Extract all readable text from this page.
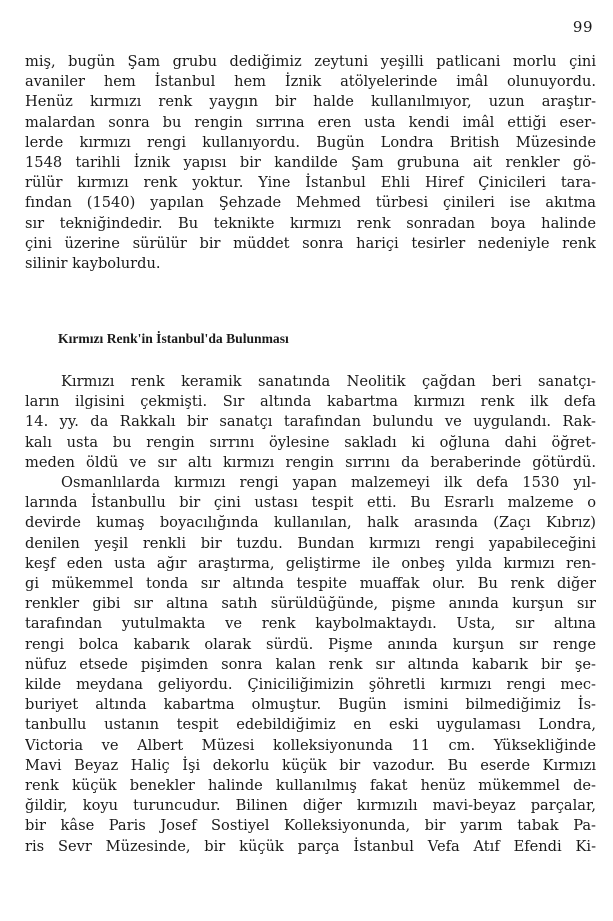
99
miş, bugün Şam grubu dediğimiz zeytuni yeşilli patlicani morlu çini
avaniler hem İstanbul hem İznik atölyelerinde imâl olunuyordu.
Henüz kırmızı renk yaygın bir halde kullanılmıyor, uzun araştır-
malardan sonra bu rengin sırrına eren usta kendi imâl ettiği eser-
lerde kırmızı rengi kullanıyordu. Bugün Londra British Müzesinde
1548 tarihli İznik yapısı bir kandilde Şam grubuna ait renkler gö-
rülür kırmızı renk yoktur. Yine İstanbul Ehli Hiref Çinicileri tara-
fından (1540) yapılan Şehzade Mehmed türbesi çinileri ise akıtma
sır tekniğindedir. Bu teknikte kırmızı renk sonradan boya halinde
çini üzerine sürülür bir müddet sonra hariçi tesirler nedeniyle renk
silinir kaybolurdu.
Kırmızı Renk'in İstanbul'da Bulunması
Kırmızı renk keramik sanatında Neolitik çağdan beri sanatçı-
ların ilgisini çekmişti. Sır altında kabartma kırmızı renk ilk defa
14. yy. da Rakkalı bir sanatçı tarafından bulundu ve uygulandı. Rak-
kalı usta bu rengin sırrını öylesine sakladı ki oğluna dahi öğret-
meden öldü ve sır altı kırmızı rengin sırrını da beraberinde götürdü.
Osmanlılarda kırmızı rengi yapan malzemeyi ilk defa 1530 yıl-
larında İstanbullu bir çini ustası tespit etti. Bu Esrarlı malzeme o
devirde kumaş boyacılığında kullanılan, halk arasında (Zaçı Kıbrız)
denilen yeşil renkli bir tuzdu. Bundan kırmızı rengi yapabileceğini
keşf eden usta ağır araştırma, geliştirme ile onbeş yılda kırmızı ren-
gi mükemmel tonda sır altında tespite muaffak olur. Bu renk diğer
renkler gibi sır altına satıh sürüldüğünde, pişme anında kurşun sır
tarafından yutulmakta ve renk kaybolmaktaydı. Usta, sır altına
rengi bolca kabarık olarak sürdü. Pişme anında kurşun sır renge
nüfuz etsede pişimden sonra kalan renk sır altında kabarık bir şe-
kilde meydana geliyordu. Çiniciliğimizin şöhretli kırmızı rengi mec-
buriyet altında kabartma olmuştur. Bugün ismini bilmediğimiz İs-
tanbullu ustanın tespit edebildiğimiz en eski uygulaması Londra,
Victoria ve Albert Müzesi kolleksiyonunda 11 cm. Yüksekliğinde
Mavi Beyaz Haliç İşi dekorlu küçük bir vazodur. Bu eserde Kırmızı
renk küçük benekler halinde kullanılmış fakat henüz mükemmel de-
ğildir, koyu turuncudur. Bilinen diğer kırmızılı mavi-beyaz parçalar,
bir kâse Paris Josef Sostiyel Kolleksiyonunda, bir yarım tabak Pa-
ris Sevr Müzesinde, bir küçük parça İstanbul Vefa Atıf Efendi Ki-
